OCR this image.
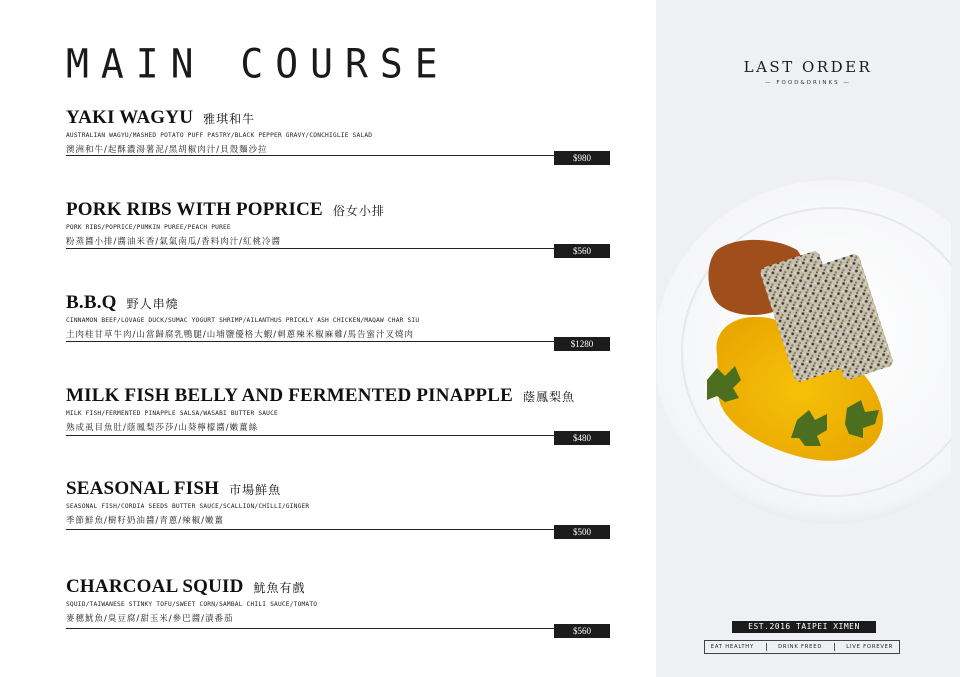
MAIN COURSE
YAKI WAGYU 雅琪和牛
AUSTRALIAN WAGYU/MASHED POTATO PUFF PASTRY/BLACK PEPPER GRAVY/CONCHIGLIE SALAD
澳洲和牛/起酥濃湯薯泥/黑胡椒肉汁/貝殼麵沙拉
$980
PORK RIBS WITH POPRICE 俗女小排
PORK RIBS/POPRICE/PUMKIN PUREE/PEACH PUREE
粉蒸醬小排/醬油米香/氣氣南瓜/香料肉汁/紅桃冷醬
$560
B.B.Q 野人串燒
CINNAMON BEEF/LOVAGE DUCK/SUMAC YOGURT SHRIMP/AILANTHUS PRICKLY ASH CHICKEN/MAQAW CHAR SIU
土肉桂甘草牛肉/山當歸腐乳鴨腿/山埔鹽優格大蝦/刺蔥辣米椒麻雞/馬告蜜汁叉燒肉
$1280
MILK FISH BELLY AND FERMENTED PINAPPLE 蔭鳳梨魚
MILK FISH/FERMENTED PINAPPLE SALSA/WASABI BUTTER SAUCE
熟成虱目魚肚/蔭鳳梨莎莎/山葵檸檬醬/嫩薑絲
$480
SEASONAL FISH 市場鮮魚
SEASONAL FISH/CORDIA SEEDS BUTTER SAUCE/SCALLION/CHILLI/GINGER
季節鮮魚/樹籽奶油醬/青蔥/辣椒/嫩薑
$500
CHARCOAL SQUID 魷魚有戲
SQUID/TAIWANESE STINKY TOFU/SWEET CORN/SAMBAL CHILI SAUCE/TOMATO
麥穗魷魚/臭豆腐/甜玉米/參巴醬/漬番茄
$560
LAST ORDER
— FOOD&DRINKS —
EST.2016 TAIPEI XIMEN
EAT HEALTHY	DRINK FREED	LIVE FOREVER
